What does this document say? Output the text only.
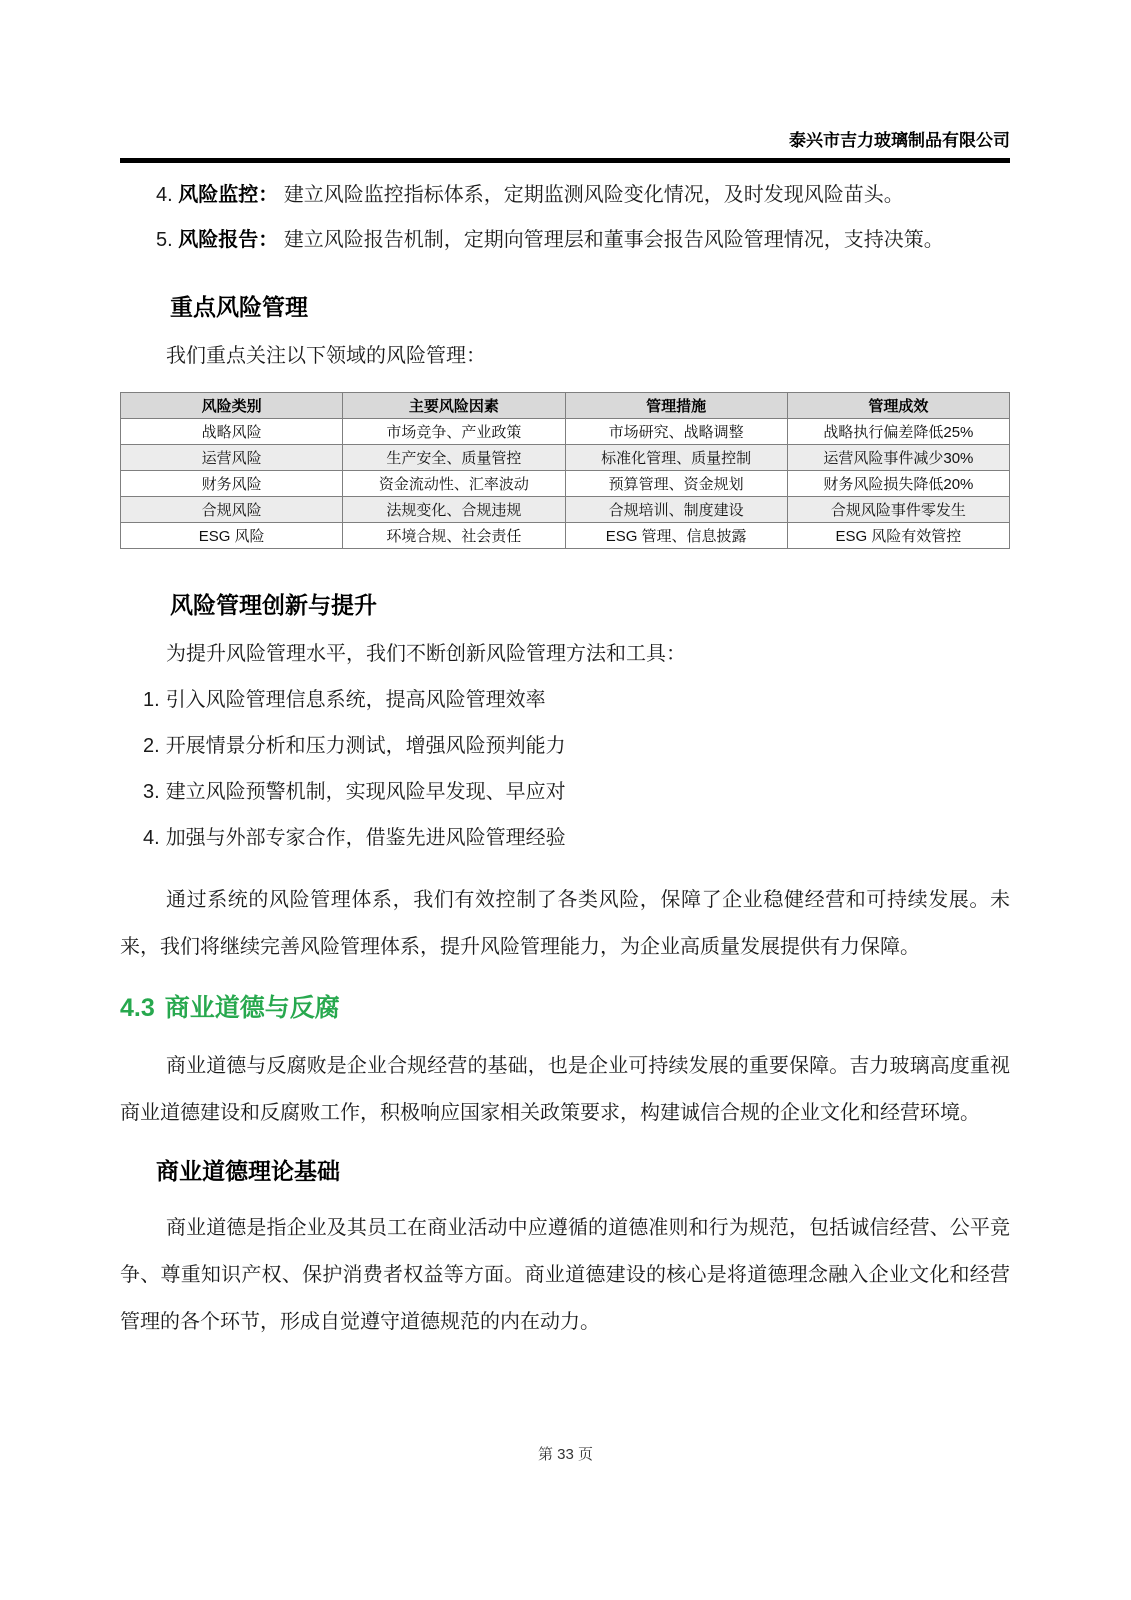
泰兴市吉力玻璃制品有限公司
4. 风险监控： 建立风险监控指标体系，定期监测风险变化情况，及时发现风险苗头。
5. 风险报告： 建立风险报告机制，定期向管理层和董事会报告风险管理情况，支持决策。
重点风险管理

我们重点关注以下领域的风险管理：

风险类别	主要风险因素	管理措施	管理成效
战略风险	市场竞争、产业政策	市场研究、战略调整	战略执行偏差降低25%
运营风险	生产安全、质量管控	标准化管理、质量控制	运营风险事件减少30%
财务风险	资金流动性、汇率波动	预算管理、资金规划	财务风险损失降低20%
合规风险	法规变化、合规违规	合规培训、制度建设	合规风险事件零发生
ESG 风险	环境合规、社会责任	ESG 管理、信息披露	ESG 风险有效管控
风险管理创新与提升

为提升风险管理水平，我们不断创新风险管理方法和工具：

1. 引入风险管理信息系统，提高风险管理效率
2. 开展情景分析和压力测试，增强风险预判能力
3. 建立风险预警机制，实现风险早发现、早应对
4. 加强与外部专家合作，借鉴先进风险管理经验

通过系统的风险管理体系，我们有效控制了各类风险，保障了企业稳健经营和可持续发展。未来，我们将继续完善风险管理体系，提升风险管理能力，为企业高质量发展提供有力保障。

4.3 商业道德与反腐

商业道德与反腐败是企业合规经营的基础，也是企业可持续发展的重要保障。吉力玻璃高度重视商业道德建设和反腐败工作，积极响应国家相关政策要求，构建诚信合规的企业文化和经营环境。

商业道德理论基础

商业道德是指企业及其员工在商业活动中应遵循的道德准则和行为规范，包括诚信经营、公平竞争、尊重知识产权、保护消费者权益等方面。商业道德建设的核心是将道德理念融入企业文化和经营管理的各个环节，形成自觉遵守道德规范的内在动力。

第 33 页
